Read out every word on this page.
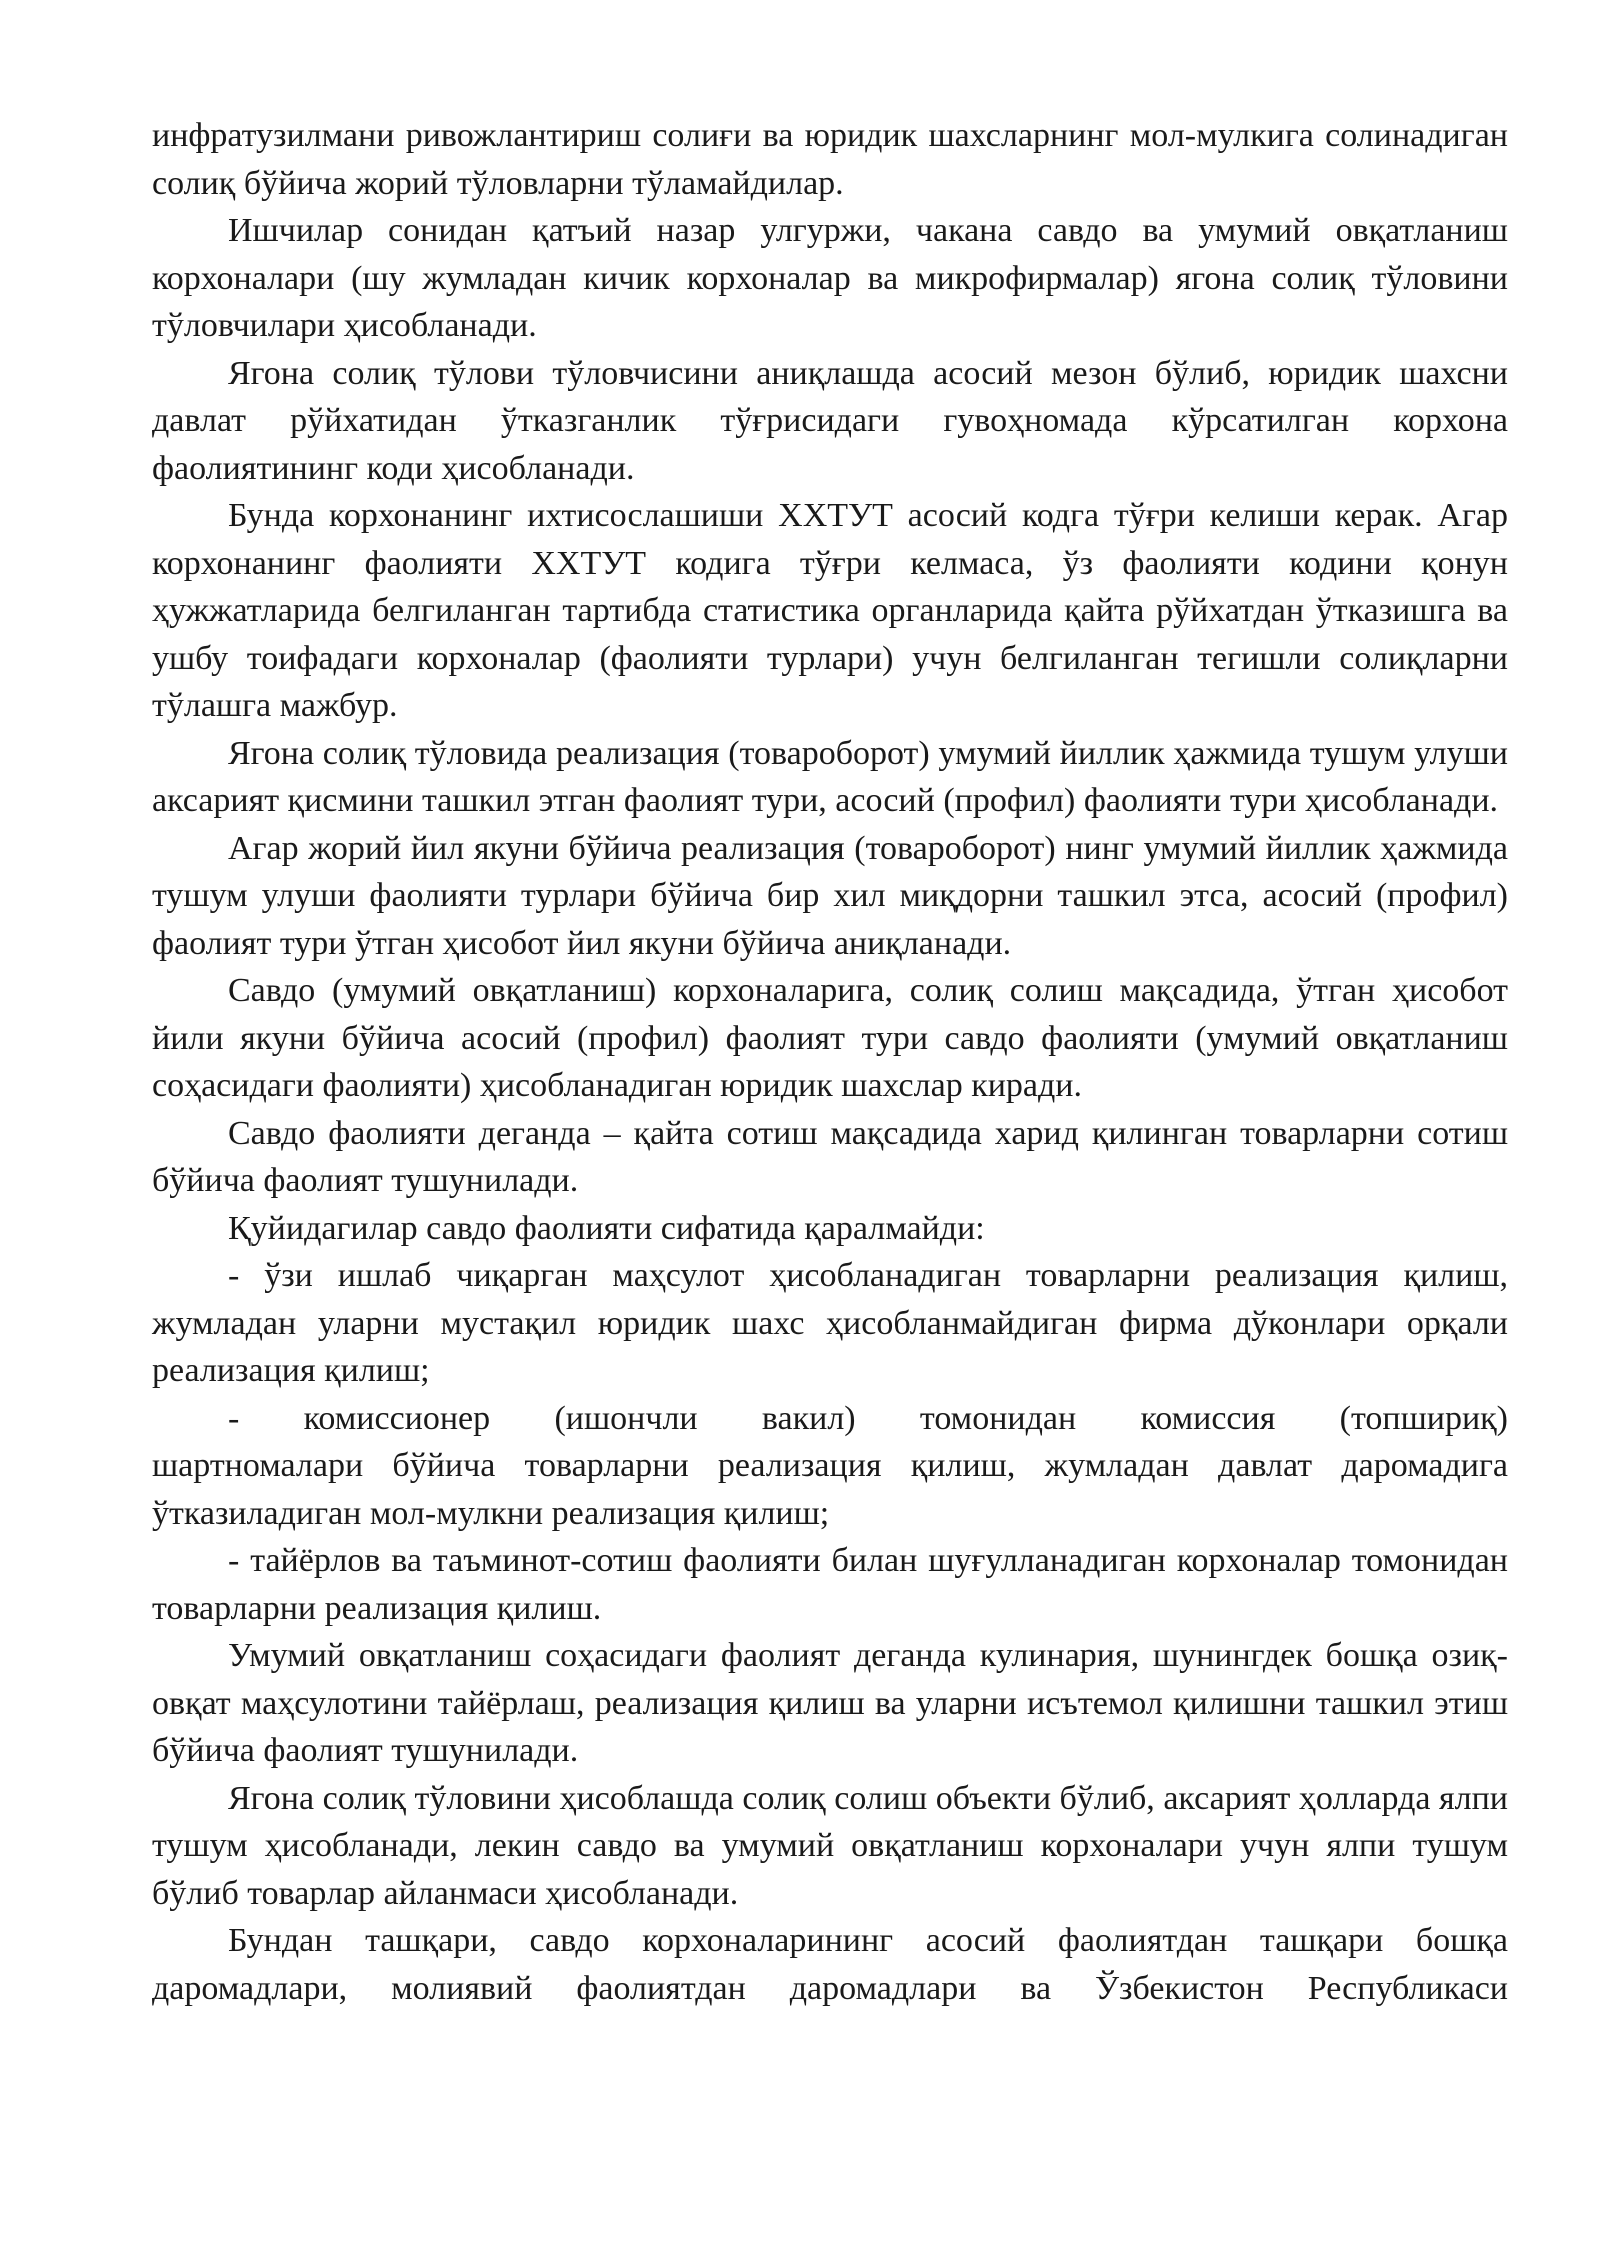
инфратузилмани ривожлантириш солиғи ва юридик шахсларнинг мол-мулкига солинадиган солиқ бўйича жорий тўловларни тўламайдилар.

Ишчилар сонидан қатъий назар улгуржи, чакана савдо ва умумий овқатланиш корхоналари (шу жумладан кичик корхоналар ва микрофирмалар) ягона солиқ тўловини тўловчилари ҳисобланади.

Ягона солиқ тўлови тўловчисини аниқлашда асосий мезон бўлиб, юридик шахсни давлат рўйхатидан ўтказганлик тўғрисидаги гувоҳномада кўрсатилган корхона фаолиятининг коди ҳисобланади.

Бунда корхонанинг ихтисослашиши ХХТУТ асосий кодга тўғри келиши керак. Агар корхонанинг фаолияти ХХТУТ кодига тўғри келмаса, ўз фаолияти кодини қонун ҳужжатларида белгиланган тартибда статистика органларида қайта рўйхатдан ўтказишга ва ушбу тоифадаги корхоналар (фаолияти турлари) учун белгиланган тегишли солиқларни тўлашга мажбур.

Ягона солиқ тўловида реализация (товароборот) умумий йиллик ҳажмида тушум улуши аксарият қисмини ташкил этган фаолият тури, асосий (профил) фаолияти тури ҳисобланади.

Агар жорий йил якуни бўйича реализация (товароборот) нинг умумий йиллик ҳажмида тушум улуши фаолияти турлари бўйича бир хил миқдорни ташкил этса, асосий (профил) фаолият тури ўтган ҳисобот йил якуни бўйича аниқланади.

Савдо (умумий овқатланиш) корхоналарига, солиқ солиш мақсадида, ўтган ҳисобот йили якуни бўйича асосий (профил) фаолият тури савдо фаолияти (умумий овқатланиш соҳасидаги фаолияти) ҳисобланадиган юридик шахслар киради.

Савдо фаолияти деганда – қайта сотиш мақсадида харид қилинган товарларни сотиш бўйича фаолият тушунилади.

Қуйидагилар савдо фаолияти сифатида қаралмайди:

- ўзи ишлаб чиқарган маҳсулот ҳисобланадиган товарларни реализация қилиш, жумладан уларни мустақил юридик шахс ҳисобланмайдиган фирма дўконлари орқали реализация қилиш;

-      комиссионер      (ишончли      вакил)      томонидан      комиссия      (топшириқ) шартномалари бўйича товарларни реализация қилиш, жумладан давлат даромадига ўтказиладиган мол-мулкни реализация қилиш;

- тайёрлов ва таъминот-сотиш фаолияти билан шуғулланадиган корхоналар томонидан товарларни реализация қилиш.

Умумий овқатланиш соҳасидаги фаолият деганда кулинария, шунингдек бошқа озиқ-овқат маҳсулотини тайёрлаш, реализация қилиш ва уларни исътемол қилишни ташкил этиш бўйича фаолият тушунилади.

Ягона солиқ тўловини ҳисоблашда солиқ солиш объекти бўлиб, аксарият ҳолларда ялпи тушум ҳисобланади, лекин савдо ва умумий овқатланиш корхоналари учун ялпи тушум бўлиб товарлар айланмаси ҳисобланади.

Бундан ташқари, савдо корхоналарининг асосий фаолиятдан ташқари бошқа даромадлари, молиявий фаолиятдан даромадлари ва Ўзбекистон Республикаси
